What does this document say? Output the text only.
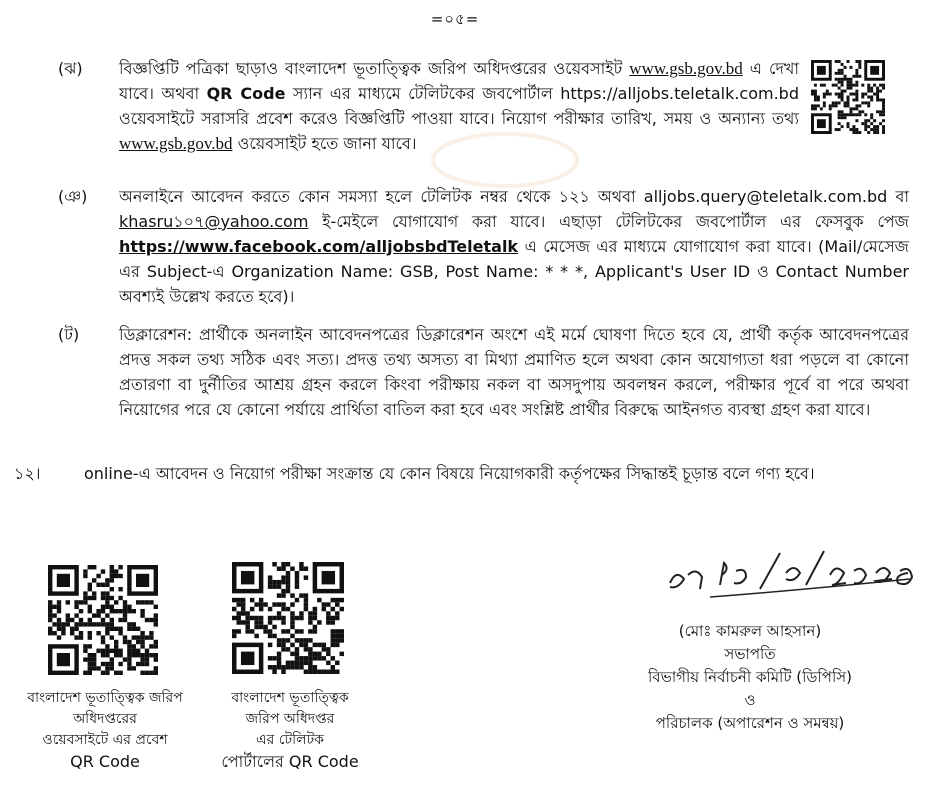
=০৫=
(ঝ) বিজ্ঞপ্তিটি পত্রিকা ছাড়াও বাংলাদেশ ভূতাত্ত্বিক জরিপ অধিদপ্তরের ওয়েবসাইট www.gsb.gov.bd এ দেখা যাবে। অথবা QR Code স্যান এর মাধ্যমে টেলিটকের জবপোর্টাল https://alljobs.teletalk.com.bd ওয়েবসাইটে সরাসরি প্রবেশ করেও বিজ্ঞপ্তিটি পাওয়া যাবে। নিয়োগ পরীক্ষার তারিখ, সময় ও অন্যান্য তথ্য www.gsb.gov.bd ওয়েবসাইট হতে জানা যাবে।
(ঞ) অনলাইনে আবেদন করতে কোন সমস্যা হলে টেলিটক নম্বর থেকে ১২১ অথবা alljobs.query@teletalk.com.bd বা khasru১০৭@yahoo.com ই-মেইলে যোগাযোগ করা যাবে। এছাড়া টেলিটকের জবপোর্টাল এর ফেসবুক পেজ https://www.facebook.com/alljobsbdTeletalk এ মেসেজ এর মাধ্যমে যোগাযোগ করা যাবে। (Mail/মেসেজ এর Subject-এ Organization Name: GSB, Post Name: * * *, Applicant's User ID ও Contact Number অবশ্যই উল্লেখ করতে হবে)।
(ট) ডিক্লারেশন: প্রার্থীকে অনলাইন আবেদনপত্রের ডিক্লারেশন অংশে এই মর্মে ঘোষণা দিতে হবে যে, প্রার্থী কর্তৃক আবেদনপত্রের প্রদত্ত সকল তথ্য সঠিক এবং সত্য। প্রদত্ত তথ্য অসত্য বা মিথ্যা প্রমাণিত হলে অথবা কোন অযোগ্যতা ধরা পড়লে বা কোনো প্রতারণা বা দুর্নীতির আশ্রয় গ্রহন করলে কিংবা পরীক্ষায় নকল বা অসদুপায় অবলম্বন করলে, পরীক্ষার পূর্বে বা পরে অথবা নিয়োগের পরে যে কোনো পর্যায়ে প্রার্থিতা বাতিল করা হবে এবং সংশ্লিষ্ট প্রার্থীর বিরুদ্ধে আইনগত ব্যবস্থা গ্রহণ করা যাবে।
১২।	online-এ আবেদন ও নিয়োগ পরীক্ষা সংক্রান্ত যে কোন বিষয়ে নিয়োগকারী কর্তৃপক্ষের সিদ্ধান্তই চূড়ান্ত বলে গণ্য হবে।
বাংলাদেশ ভূতাত্ত্বিক জরিপ
অধিদপ্তরের
ওয়েবসাইটে এর প্রবেশ
QR Code
বাংলাদেশ ভূতাত্ত্বিক
জরিপ অধিদপ্তর
এর টেলিটক
পোর্টালের QR Code
(মোঃ কামরুল আহসান)
সভাপতি
বিভাগীয় নির্বাচনী কমিটি (ডিপিসি)
ও
পরিচালক (অপারেশন ও সমন্বয়)
